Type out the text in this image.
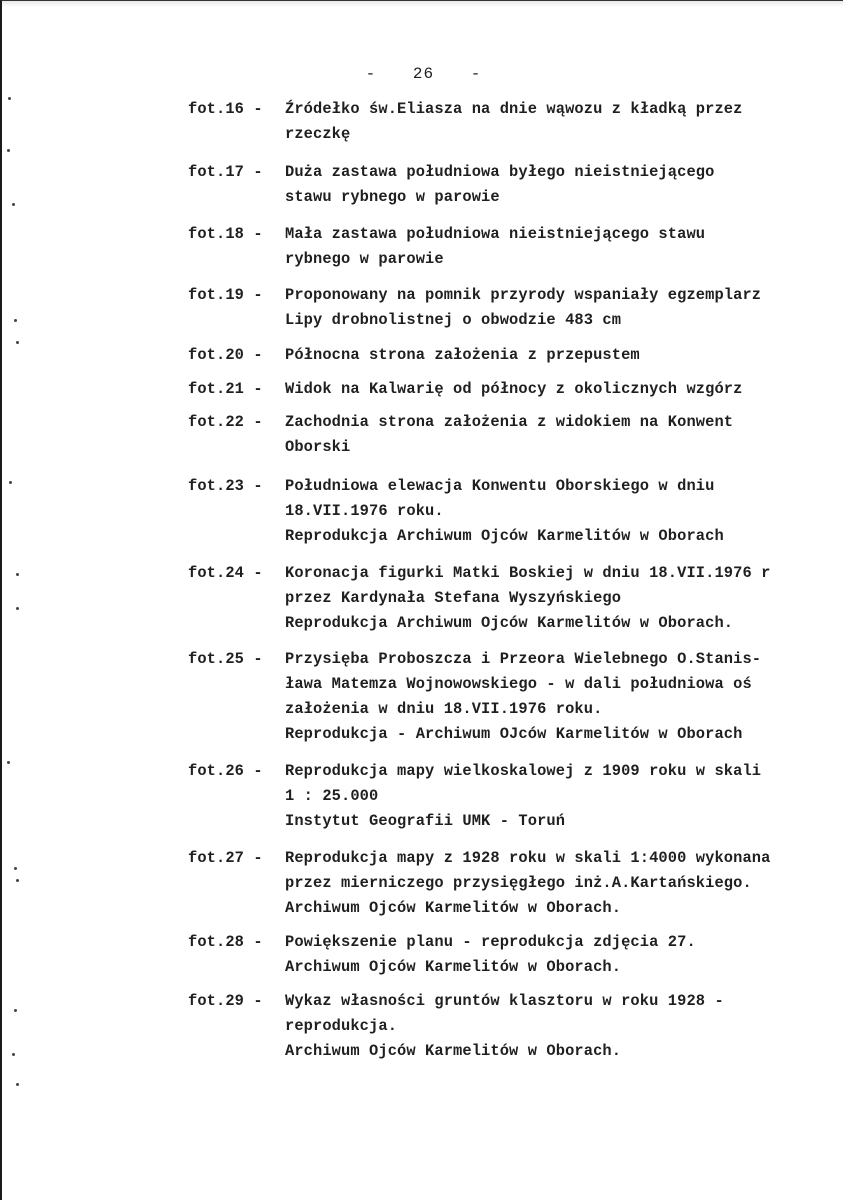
- 26 -
fot.16 - Źródełko św.Eliasza na dnie wąwozu z kładką przez
rzeczkę
fot.17 - Duża zastawa południowa byłego nieistniejącego
stawu rybnego w parowie
fot.18 - Mała zastawa południowa nieistniejącego stawu
rybnego w parowie
fot.19 - Proponowany na pomnik przyrody wspaniały egzemplarz
Lipy drobnolistnej o obwodzie 483 cm
fot.20 - Północna strona założenia z przepustem
fot.21 - Widok na Kalwarię od północy z okolicznych wzgórz
fot.22 - Zachodnia strona założenia z widokiem na Konwent
Oborski
fot.23 - Południowa elewacja Konwentu Oborskiego w dniu
18.VII.1976 roku.
Reprodukcja Archiwum Ojców Karmelitów w Oborach
fot.24 - Koronacja figurki Matki Boskiej w dniu 18.VII.1976 r
przez Kardynała Stefana Wyszyńskiego
Reprodukcja Archiwum Ojców Karmelitów w Oborach.
fot.25 - Przysięba Proboszcza i Przeora Wielebnego O.Stanis-
ława Matemza Wojnowowskiego - w dali południowa oś
założenia w dniu 18.VII.1976 roku.
Reprodukcja - Archiwum OJców Karmelitów w Oborach
fot.26 - Reprodukcja mapy wielkoskalowej z 1909 roku w skali
1 : 25.000
Instytut Geografii UMK - Toruń
fot.27 - Reprodukcja mapy z 1928 roku w skali 1:4000 wykonana
przez mierniczego przysięgłego inż.A.Kartańskiego.
Archiwum Ojców Karmelitów w Oborach.
fot.28 - Powiększenie planu - reprodukcja zdjęcia 27.
Archiwum Ojców Karmelitów w Oborach.
fot.29 - Wykaz własności gruntów klasztoru w roku 1928 -
reprodukcja.
Archiwum Ojców Karmelitów w Oborach.
